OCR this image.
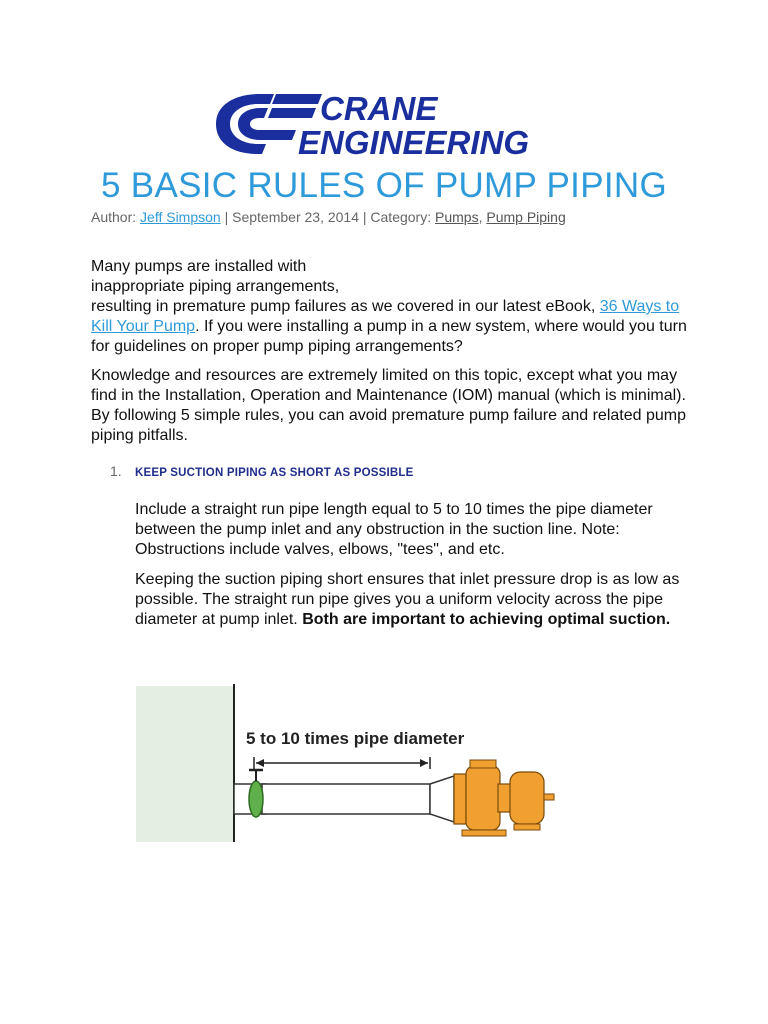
CRANE
ENGINEERING
5 BASIC RULES OF PUMP PIPING
Author: Jeff Simpson | September 23, 2014 | Category: Pumps, Pump Piping
Many pumps are installed with
inappropriate piping arrangements,
resulting in premature pump failures as we covered in our latest eBook, 36 Ways to Kill Your Pump. If you were installing a pump in a new system, where would you turn for guidelines on proper pump piping arrangements?
Knowledge and resources are extremely limited on this topic, except what you may find in the Installation, Operation and Maintenance (IOM) manual (which is minimal). By following 5 simple rules, you can avoid premature pump failure and related pump piping pitfalls.
1. KEEP SUCTION PIPING AS SHORT AS POSSIBLE
Include a straight run pipe length equal to 5 to 10 times the pipe diameter between the pump inlet and any obstruction in the suction line. Note: Obstructions include valves, elbows, "tees", and etc.
Keeping the suction piping short ensures that inlet pressure drop is as low as possible. The straight run pipe gives you a uniform velocity across the pipe diameter at pump inlet. Both are important to achieving optimal suction.
5 to 10 times pipe diameter
